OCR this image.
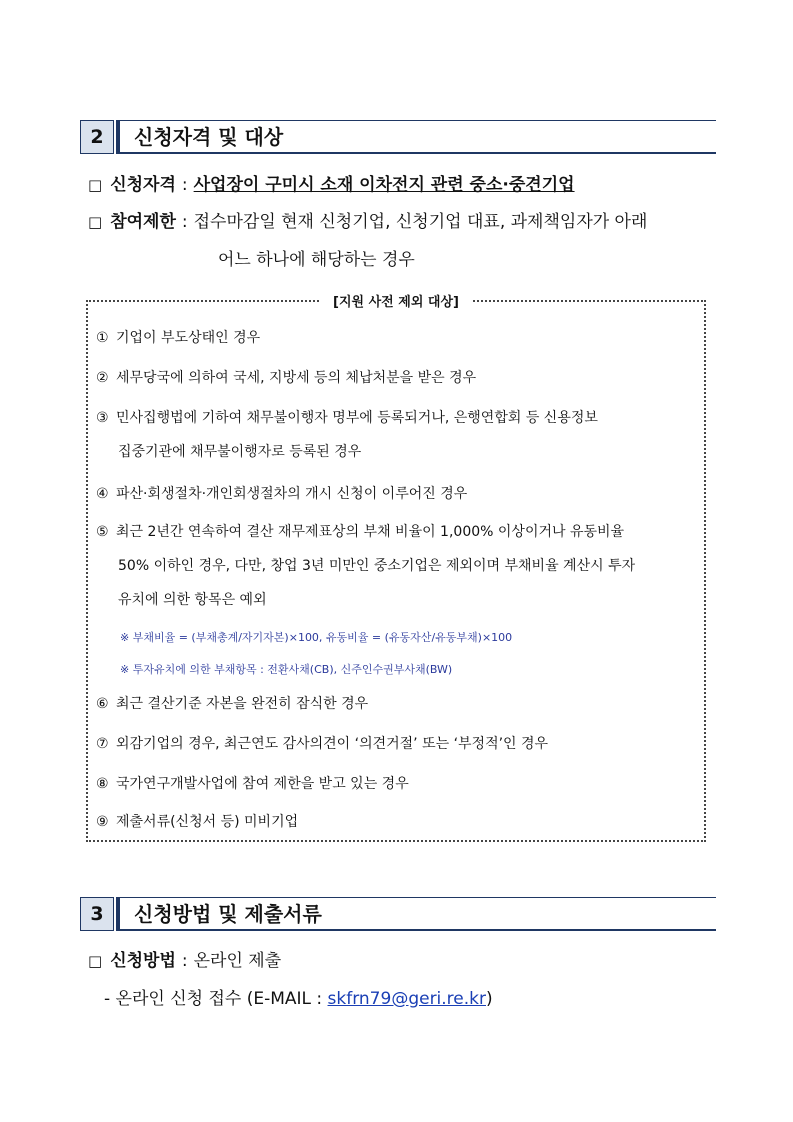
2	신청자격 및 대상
□ 신청자격 : 사업장이 구미시 소재 이차전지 관련 중소·중견기업
□ 참여제한 : 접수마감일 현재 신청기업, 신청기업 대표, 과제책임자가 아래
어느 하나에 해당하는 경우
[지원 사전 제외 대상]
① 기업이 부도상태인 경우
② 세무당국에 의하여 국세, 지방세 등의 체납처분을 받은 경우
③ 민사집행법에 기하여 채무불이행자 명부에 등록되거나, 은행연합회 등 신용정보
집중기관에 채무불이행자로 등록된 경우
④ 파산·회생절차·개인회생절차의 개시 신청이 이루어진 경우
⑤ 최근 2년간 연속하여 결산 재무제표상의 부채 비율이 1,000% 이상이거나 유동비율
50% 이하인 경우, 다만, 창업 3년 미만인 중소기업은 제외이며 부채비율 계산시 투자
유치에 의한 항목은 예외
※ 부채비율 = (부채총계/자기자본)×100, 유동비율 = (유동자산/유동부채)×100
※ 투자유치에 의한 부채항목 : 전환사채(CB), 신주인수권부사채(BW)
⑥ 최근 결산기준 자본을 완전히 잠식한 경우
⑦ 외감기업의 경우, 최근연도 감사의견이 ‘의견거절’ 또는 ‘부정적’인 경우
⑧ 국가연구개발사업에 참여 제한을 받고 있는 경우
⑨ 제출서류(신청서 등) 미비기업
3	신청방법 및 제출서류
□ 신청방법 : 온라인 제출
- 온라인 신청 접수 (E-MAIL : skfrn79@geri.re.kr)
